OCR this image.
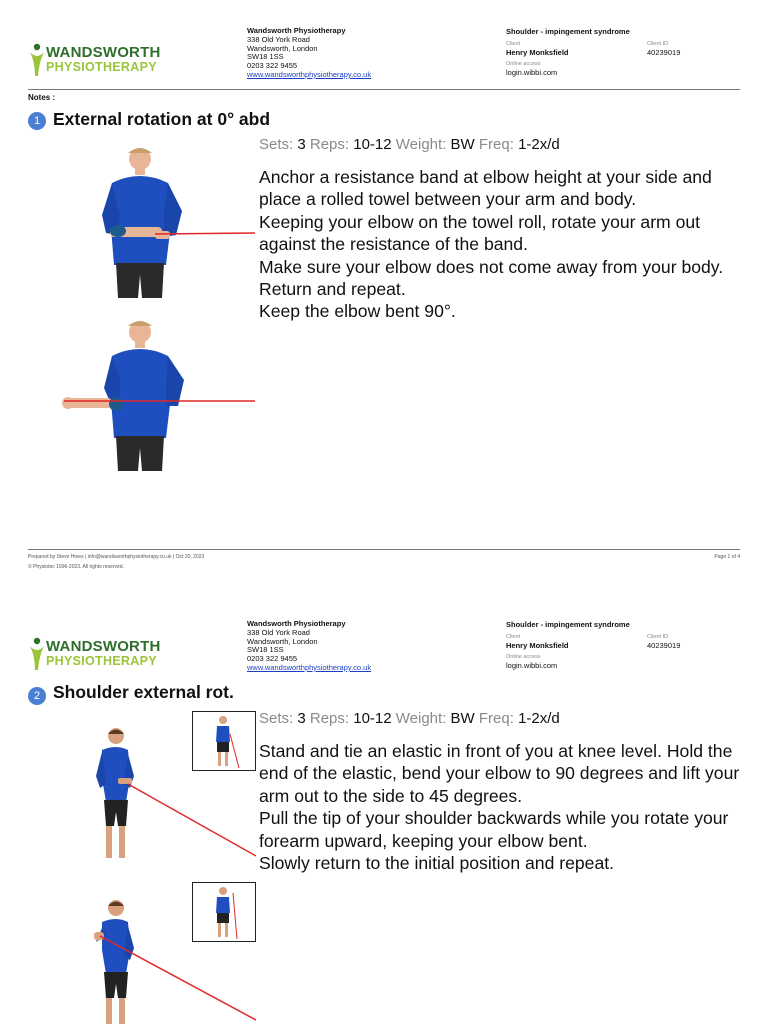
WANDSWORTH
PHYSIOTHERAPY
Wandsworth Physiotherapy
338 Old York Road
Wandsworth, London
SW18 1SS
0203 322 9455
www.wandsworthphysiotherapy.co.uk
Shoulder - impingement syndrome
Client
Henry Monksfield
Online access
login.wibbi.com
Client ID
40239019
Notes :
1 External rotation at 0° abd
Sets: 3 Reps: 10-12 Weight: BW Freq: 1-2x/d

Anchor a resistance band at elbow height at your side and place a rolled towel between your arm and body.

Keeping your elbow on the towel roll, rotate your arm out against the resistance of the band.

Make sure your elbow does not come away from your body.

Return and repeat.

Keep the elbow bent 90°.

Prepared by Steve Hines | info@wandsworthphysiotherapy.co.uk | Oct 20, 2023	Page 1 of 4
© Physiotec 1996-2023. All rights reserved.
WANDSWORTH
PHYSIOTHERAPY
Wandsworth Physiotherapy
338 Old York Road
Wandsworth, London
SW18 1SS
0203 322 9455
www.wandsworthphysiotherapy.co.uk
Shoulder - impingement syndrome
Client
Henry Monksfield
Online access
login.wibbi.com
Client ID
40239019
2 Shoulder external rot.
Sets: 3 Reps: 10-12 Weight: BW Freq: 1-2x/d

Stand and tie an elastic in front of you at knee level. Hold the end of the elastic, bend your elbow to 90 degrees and lift your arm out to the side to 45 degrees.

Pull the tip of your shoulder backwards while you rotate your forearm upward, keeping your elbow bent.

Slowly return to the initial position and repeat.
